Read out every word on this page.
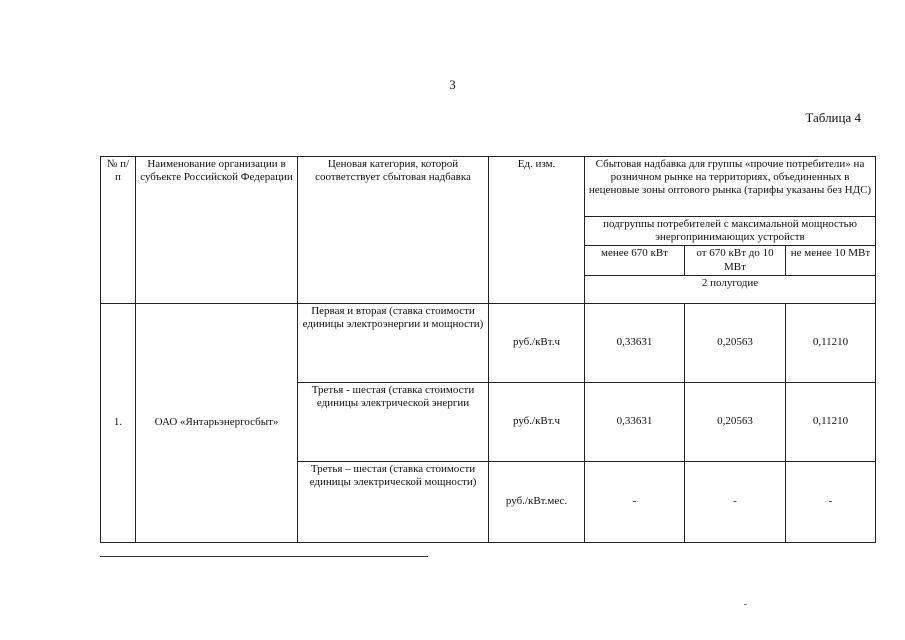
3
Таблица 4
№ п/п	Наименование организации в субъекте Российской Федерации	Ценовая категория, которой соответствует сбытовая надбавка	Ед. изм.	Сбытовая надбавка для группы «прочие потребители» на розничном рынке на территориях, объединенных в неценовые зоны оптового рынка (тарифы указаны без НДС)		
				подгруппы потребителей с максимальной мощностью энергопринимающих устройств		
				менее 670 кВт	от 670 кВт до 10 МВт	не менее 10 МВт
				2 полугодие		
1.	ОАО «Янтарьэнергосбыт»	Первая и вторая (ставка стоимости единицы электроэнергии и мощности)	руб./кВт.ч	0,33631	0,20563	0,11210
		Третья - шестая (ставка стоимости единицы электрической энергии	руб./кВт.ч	0,33631	0,20563	0,11210
		Третья – шестая (ставка стоимости единицы электрической мощности)	руб./кВт.мес.	-	-	-
